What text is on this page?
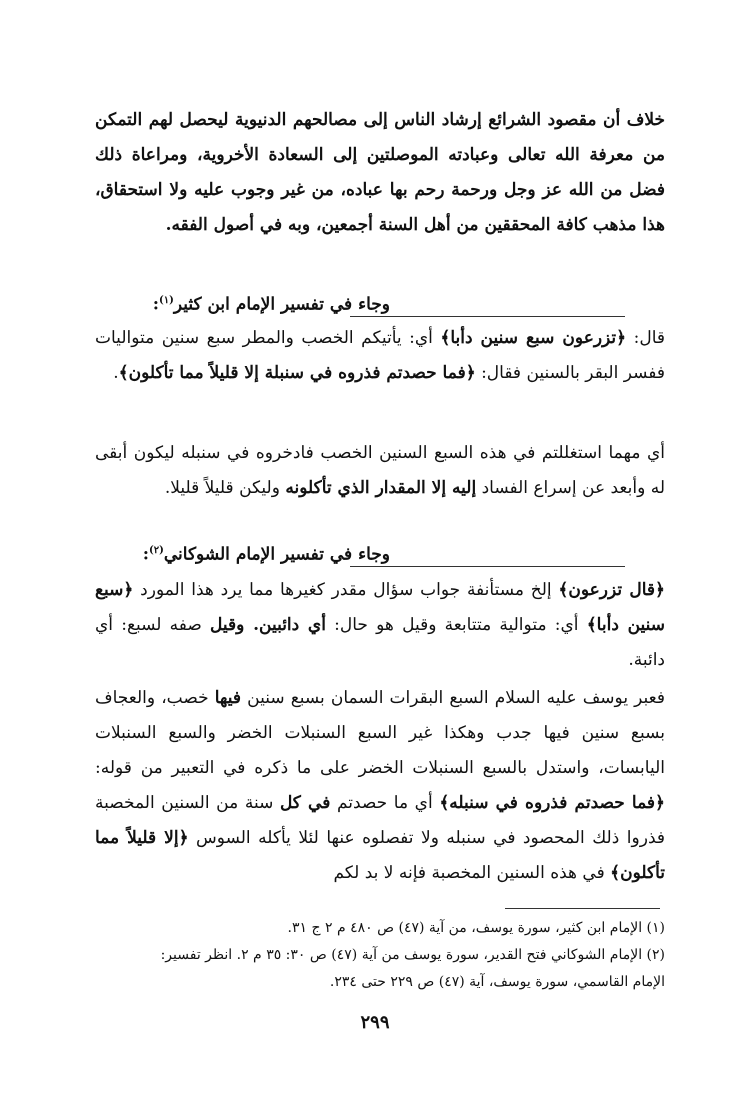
خلاف أن مقصود الشرائع إرشاد الناس إلى مصالحهم الدنيوية ليحصل لهم التمكن من معرفة الله تعالى وعبادته الموصلتين إلى السعادة الأخروية، ومراعاة ذلك فضل من الله عز وجل ورحمة رحم بها عباده، من غير وجوب عليه ولا استحقاق، هذا مذهب كافة المحققين من أهل السنة أجمعين، وبه في أصول الفقه.
وجاء في تفسير الإمام ابن كثير$^{(١)}$:
قال: ﴿تزرعون سبع سنين دأبا﴾ أي: يأتيكم الخصب والمطر سبع سنين متواليات ففسر البقر بالسنين فقال: ﴿فما حصدتم فذروه في سنبلة إلا قليلاً مما تأكلون﴾.
أي مهما استغللتم في هذه السبع السنين الخصب فادخروه في سنبله ليكون أبقى له وأبعد عن إسراع الفساد إليه إلا المقدار الذي تأكلونه وليكن قليلاً قليلا.
وجاء في تفسير الإمام الشوكاني$^{(٢)}$:
﴿قال تزرعون﴾ إلخ مستأنفة جواب سؤال مقدر كغيرها مما يرد هذا المورد ﴿سبع سنين دأبا﴾ أي: متوالية متتابعة وقيل هو حال: أي دائبين. وقيل صفه لسبع: أي دائبة.
فعبر يوسف عليه السلام السبع البقرات السمان بسبع سنين فيها خصب، والعجاف بسبع سنين فيها جدب وهكذا غير السبع السنبلات الخضر والسبع السنبلات اليابسات، واستدل بالسبع السنبلات الخضر على ما ذكره في التعبير من قوله: ﴿فما حصدتم فذروه في سنبله﴾ أي ما حصدتم في كل سنة من السنين المخصبة فذروا ذلك المحصود في سنبله ولا تفصلوه عنها لئلا يأكله السوس ﴿إلا قليلاً مما تأكلون﴾ في هذه السنين المخصبة فإنه لا بد لكم
(١) الإمام ابن كثير، سورة يوسف، من آية (٤٧) ص ٤٨٠ م ٢ ج ٣١.
(٢) الإمام الشوكاني فتح القدير، سورة يوسف من آية (٤٧) ص ٣٠: ٣٥ م ٢. انظر تفسير:
الإمام القاسمي، سورة يوسف، آية (٤٧) ص ٢٢٩ حتى ٢٣٤.
٢٩٩
